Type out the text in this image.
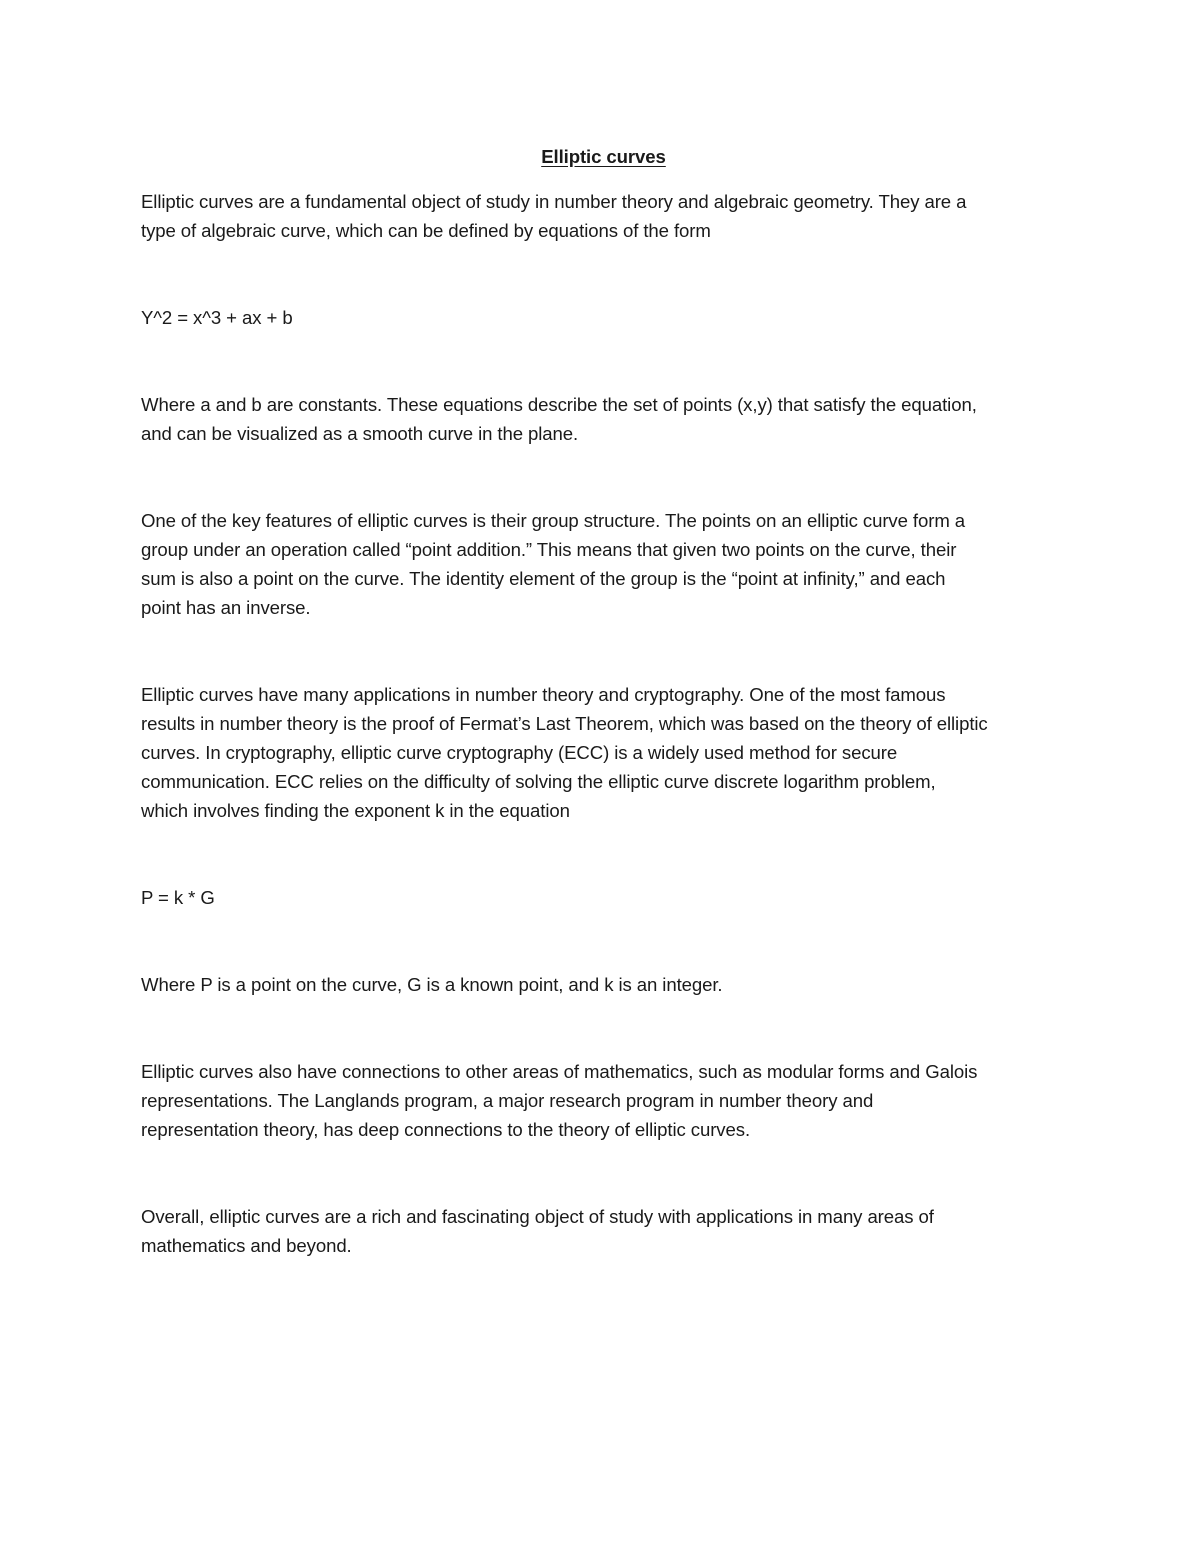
Elliptic curves
Elliptic curves are a fundamental object of study in number theory and algebraic geometry. They are a
type of algebraic curve, which can be defined by equations of the form
Y^2 = x^3 + ax + b
Where a and b are constants. These equations describe the set of points (x,y) that satisfy the equation,
and can be visualized as a smooth curve in the plane.
One of the key features of elliptic curves is their group structure. The points on an elliptic curve form a
group under an operation called “point addition.” This means that given two points on the curve, their
sum is also a point on the curve. The identity element of the group is the “point at infinity,” and each
point has an inverse.
Elliptic curves have many applications in number theory and cryptography. One of the most famous
results in number theory is the proof of Fermat’s Last Theorem, which was based on the theory of elliptic
curves. In cryptography, elliptic curve cryptography (ECC) is a widely used method for secure
communication. ECC relies on the difficulty of solving the elliptic curve discrete logarithm problem,
which involves finding the exponent k in the equation
P = k * G
Where P is a point on the curve, G is a known point, and k is an integer.
Elliptic curves also have connections to other areas of mathematics, such as modular forms and Galois
representations. The Langlands program, a major research program in number theory and
representation theory, has deep connections to the theory of elliptic curves.
Overall, elliptic curves are a rich and fascinating object of study with applications in many areas of
mathematics and beyond.
